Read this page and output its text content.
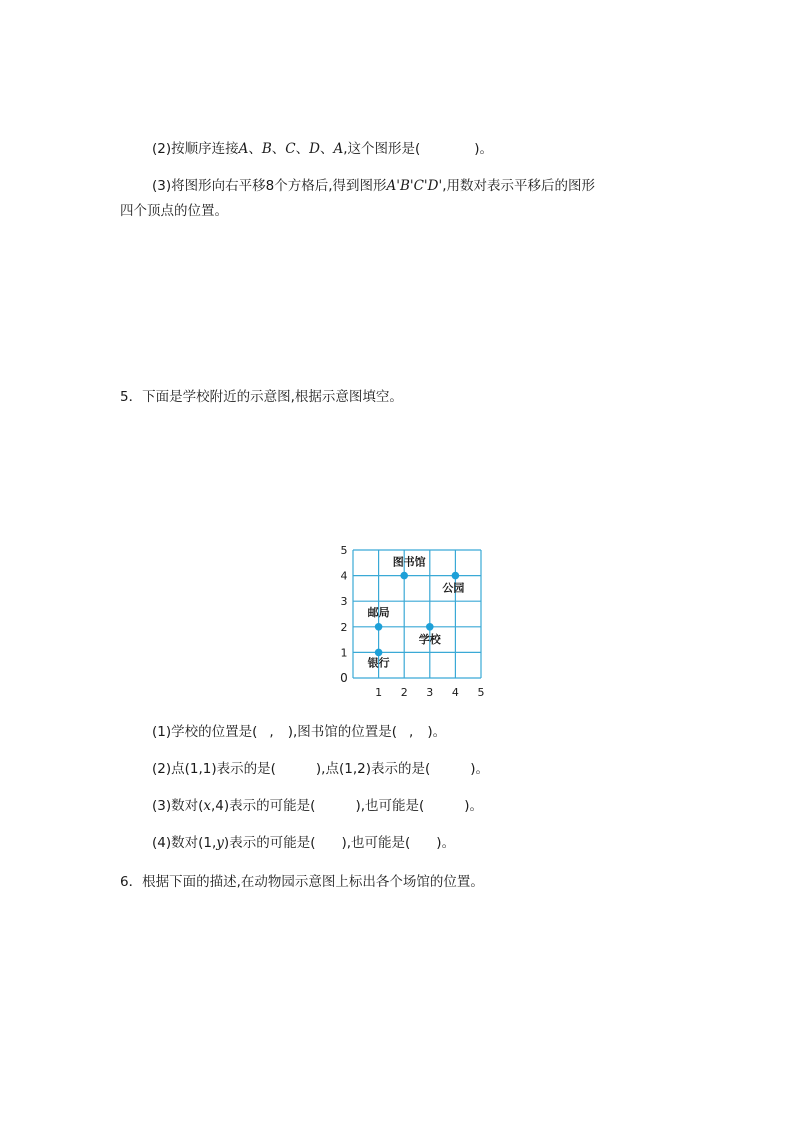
(2)按顺序连接A、B、C、D、A,这个图形是(	)。
(3)将图形向右平移8个方格后,得到图形A'B'C'D',用数对表示平移后的图形
四个顶点的位置。
5．下面是学校附近的示意图,根据示意图填空。
0
1 2 3 4 5
1
2
3
4
5
图书馆
公园
邮局
学校
银行
(1)学校的位置是( , ),图书馆的位置是( , )。
(2)点(1,1)表示的是(	),点(1,2)表示的是(	)。
(3)数对(x,4)表示的可能是(	),也可能是(	)。
(4)数对(1,y)表示的可能是( ),也可能是( )。
6．根据下面的描述,在动物园示意图上标出各个场馆的位置。
